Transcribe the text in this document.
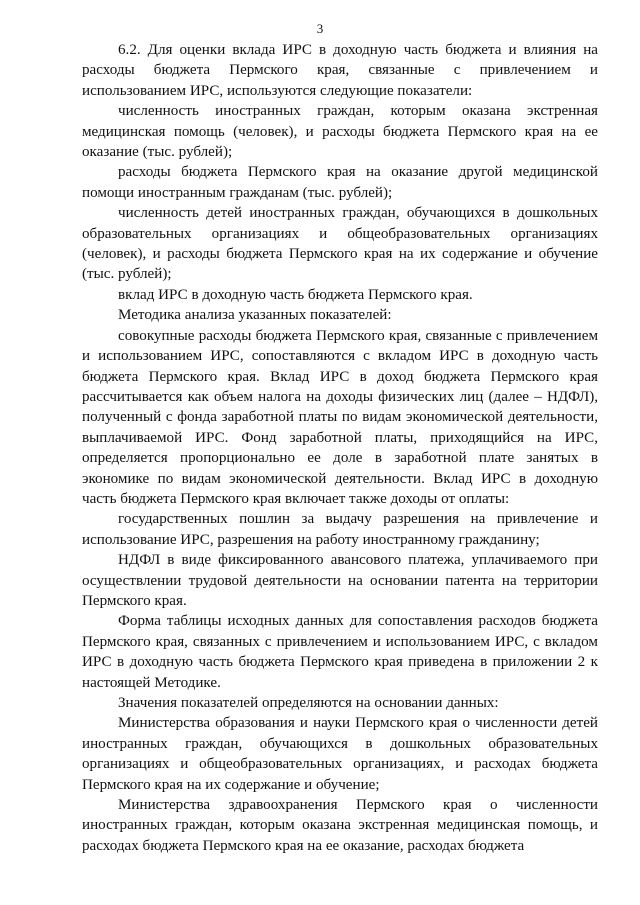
3

6.2. Для оценки вклада ИРС в доходную часть бюджета и влияния на расходы бюджета Пермского края, связанные с привлечением и использованием ИРС, используются следующие показатели:

численность иностранных граждан, которым оказана экстренная медицинская помощь (человек), и расходы бюджета Пермского края на ее оказание (тыс. рублей);

расходы бюджета Пермского края на оказание другой медицинской помощи иностранным гражданам (тыс. рублей);

численность детей иностранных граждан, обучающихся в дошкольных образовательных организациях и общеобразовательных организациях (человек), и расходы бюджета Пермского края на их содержание и обучение (тыс. рублей);

вклад ИРС в доходную часть бюджета Пермского края.

Методика анализа указанных показателей:

совокупные расходы бюджета Пермского края, связанные с привлечением и использованием ИРС, сопоставляются с вкладом ИРС в доходную часть бюджета Пермского края. Вклад ИРС в доход бюджета Пермского края рассчитывается как объем налога на доходы физических лиц (далее – НДФЛ), полученный с фонда заработной платы по видам экономической деятельности, выплачиваемой ИРС. Фонд заработной платы, приходящийся на ИРС, определяется пропорционально ее доле в заработной плате занятых в экономике по видам экономической деятельности. Вклад ИРС в доходную часть бюджета Пермского края включает также доходы от оплаты:

государственных пошлин за выдачу разрешения на привлечение и использование ИРС, разрешения на работу иностранному гражданину;

НДФЛ в виде фиксированного авансового платежа, уплачиваемого при осуществлении трудовой деятельности на основании патента на территории Пермского края.

Форма таблицы исходных данных для сопоставления расходов бюджета Пермского края, связанных с привлечением и использованием ИРС, с вкладом ИРС в доходную часть бюджета Пермского края приведена в приложении 2 к настоящей Методике.

Значения показателей определяются на основании данных:

Министерства образования и науки Пермского края о численности детей иностранных граждан, обучающихся в дошкольных образовательных организациях и общеобразовательных организациях, и расходах бюджета Пермского края на их содержание и обучение;

Министерства здравоохранения Пермского края о численности иностранных граждан, которым оказана экстренная медицинская помощь, и расходах бюджета Пермского края на ее оказание, расходах бюджета
